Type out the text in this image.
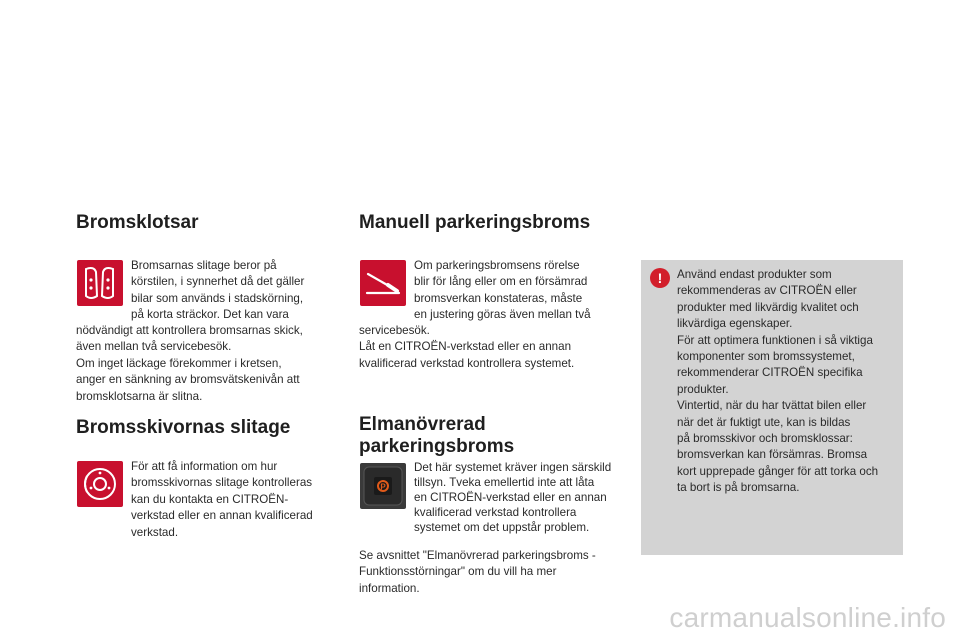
Bromsklotsar
Bromsarnas slitage beror på
körstilen, i synnerhet då det gäller
bilar som används i stadskörning,
på korta sträckor. Det kan vara
nödvändigt att kontrollera bromsarnas skick,
även mellan två servicebesök.
Om inget läckage förekommer i kretsen,
anger en sänkning av bromsvätskenivån att
bromsklotsarna är slitna.
Bromsskivornas slitage
För att få information om hur
bromsskivornas slitage kontrolleras
kan du kontakta en CITROËN-
verkstad eller en annan kvalificerad
verkstad.
Manuell parkeringsbroms
Om parkeringsbromsens rörelse
blir för lång eller om en försämrad
bromsverkan konstateras, måste
en justering göras även mellan två
servicebesök.
Låt en CITROËN-verkstad eller en annan
kvalificerad verkstad kontrollera systemet.
Elmanövrerad
parkeringsbroms
P
Det här systemet kräver ingen särskild
tillsyn. Tveka emellertid inte att låta
en CITROËN-verkstad eller en annan
kvalificerad verkstad kontrollera
systemet om det uppstår problem.
Se avsnittet "Elmanövrerad parkeringsbroms -
Funktionsstörningar" om du vill ha mer
information.
!	Använd endast produkter som
rekommenderas av CITROËN eller
produkter med likvärdig kvalitet och
likvärdiga egenskaper.
För att optimera funktionen i så viktiga
komponenter som bromssystemet,
rekommenderar CITROËN specifika
produkter.
Vintertid, när du har tvättat bilen eller
när det är fuktigt ute, kan is bildas
på bromsskivor och bromsklossar:
bromsverkan kan försämras. Bromsa
kort upprepade gånger för att torka och
ta bort is på bromsarna.
carmanualsonline.info
